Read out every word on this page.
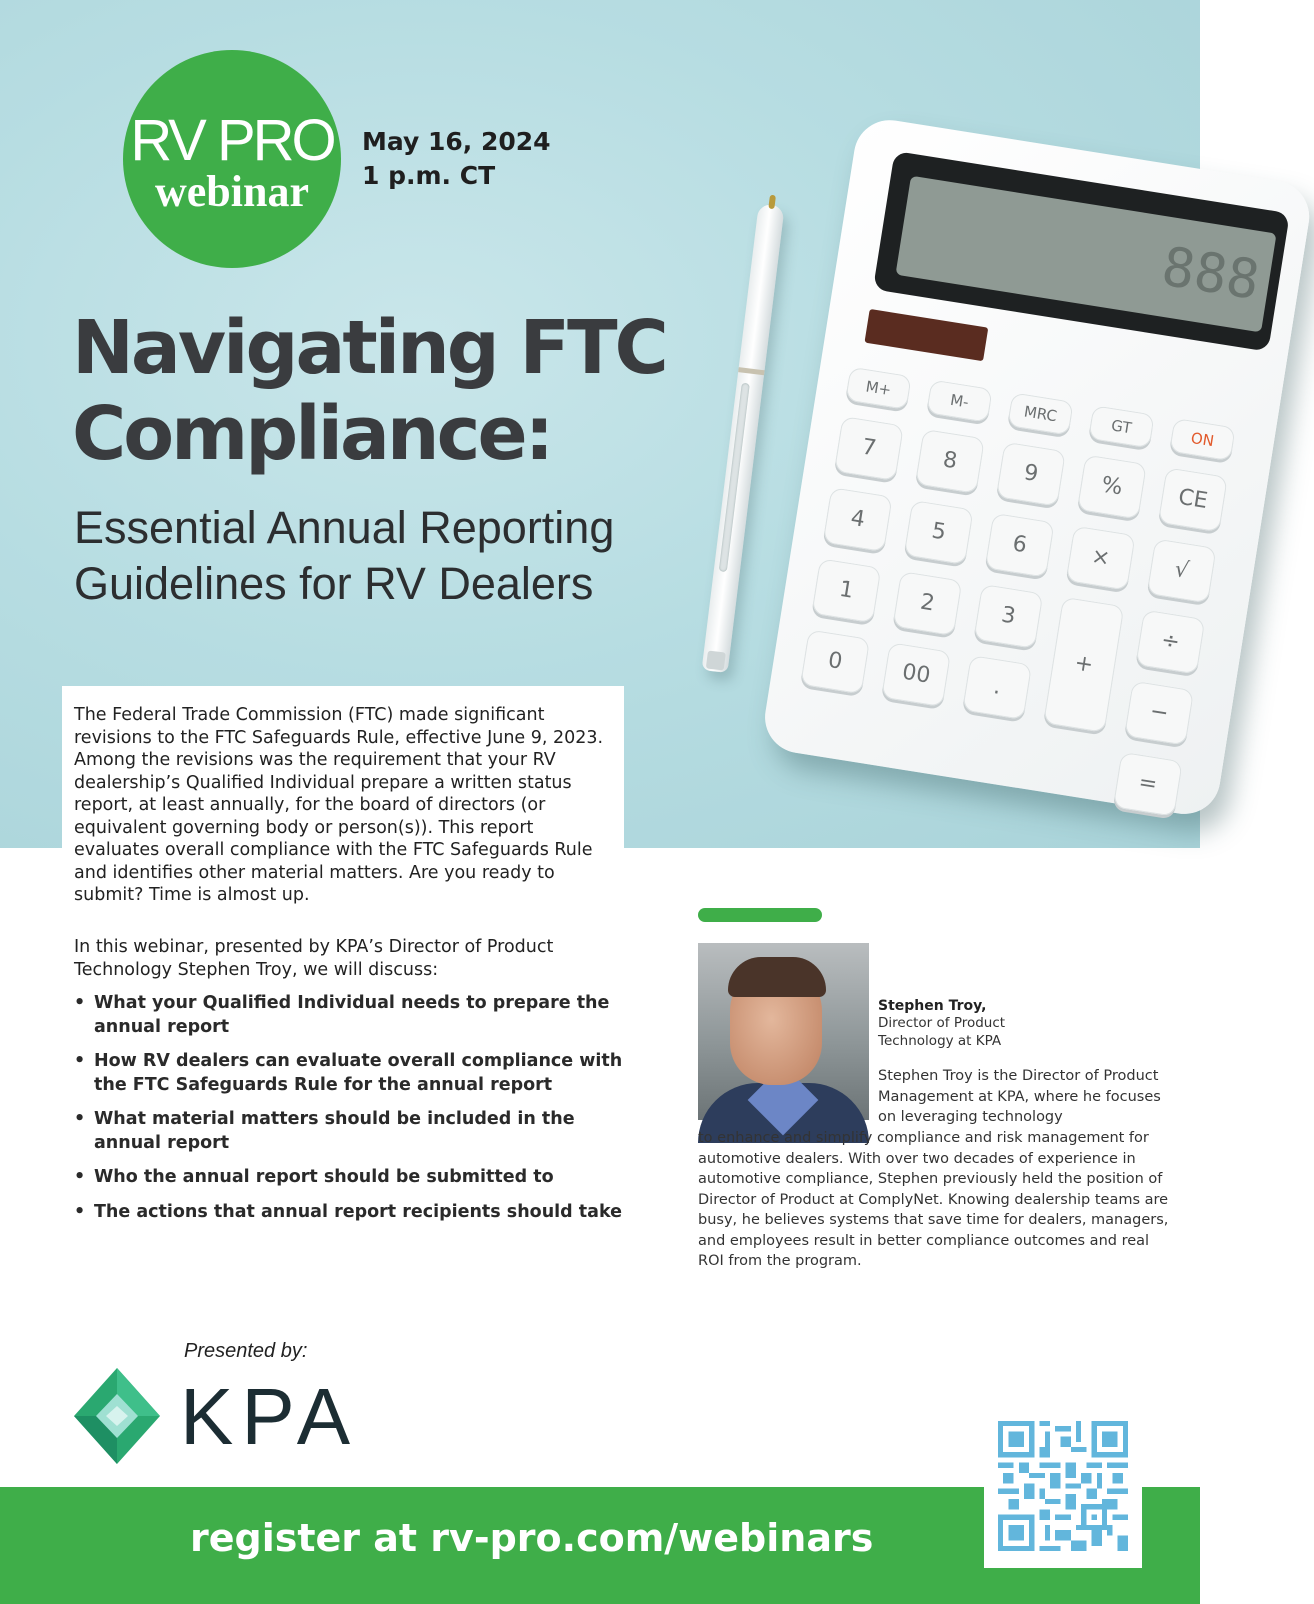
888
M+
M-
MRC
GT
ON
7	8	9	%	CE
4	5	6	×	√
1	2	3
÷
0	00	.
+
−
=
RV PRO
webinar
May 16, 2024
1 p.m. CT
Navigating FTC
Compliance:
Essential Annual Reporting
Guidelines for RV Dealers

The Federal Trade Commission (FTC) made significant revisions to the FTC Safeguards Rule, effective June 9, 2023. Among the revisions was the requirement that your RV dealership’s Qualified Individual prepare a written status report, at least annually, for the board of directors (or equivalent governing body or person(s)). This report evaluates overall compliance with the FTC Safeguards Rule and identifies other material matters. Are you ready to submit? Time is almost up.

In this webinar, presented by KPA’s Director of Product Technology Stephen Troy, we will discuss:

• What your Qualified Individual needs to prepare the annual report
• How RV dealers can evaluate overall compliance with the FTC Safeguards Rule for the annual report
• What material matters should be included in the annual report
• Who the annual report should be submitted to
• The actions that annual report recipients should take
Stephen Troy,
Director of Product Technology at KPA
Stephen Troy is the Director of Product Management at KPA, where he focuses on leveraging technology
to enhance and simplify compliance and risk management for automotive dealers. With over two decades of experience in automotive compliance, Stephen previously held the position of Director of Product at ComplyNet. Knowing dealership teams are busy, he believes systems that save time for dealers, managers, and employees result in better compliance outcomes and real ROI from the program.
Presented by:
KPA
register at rv-pro.com/webinars
